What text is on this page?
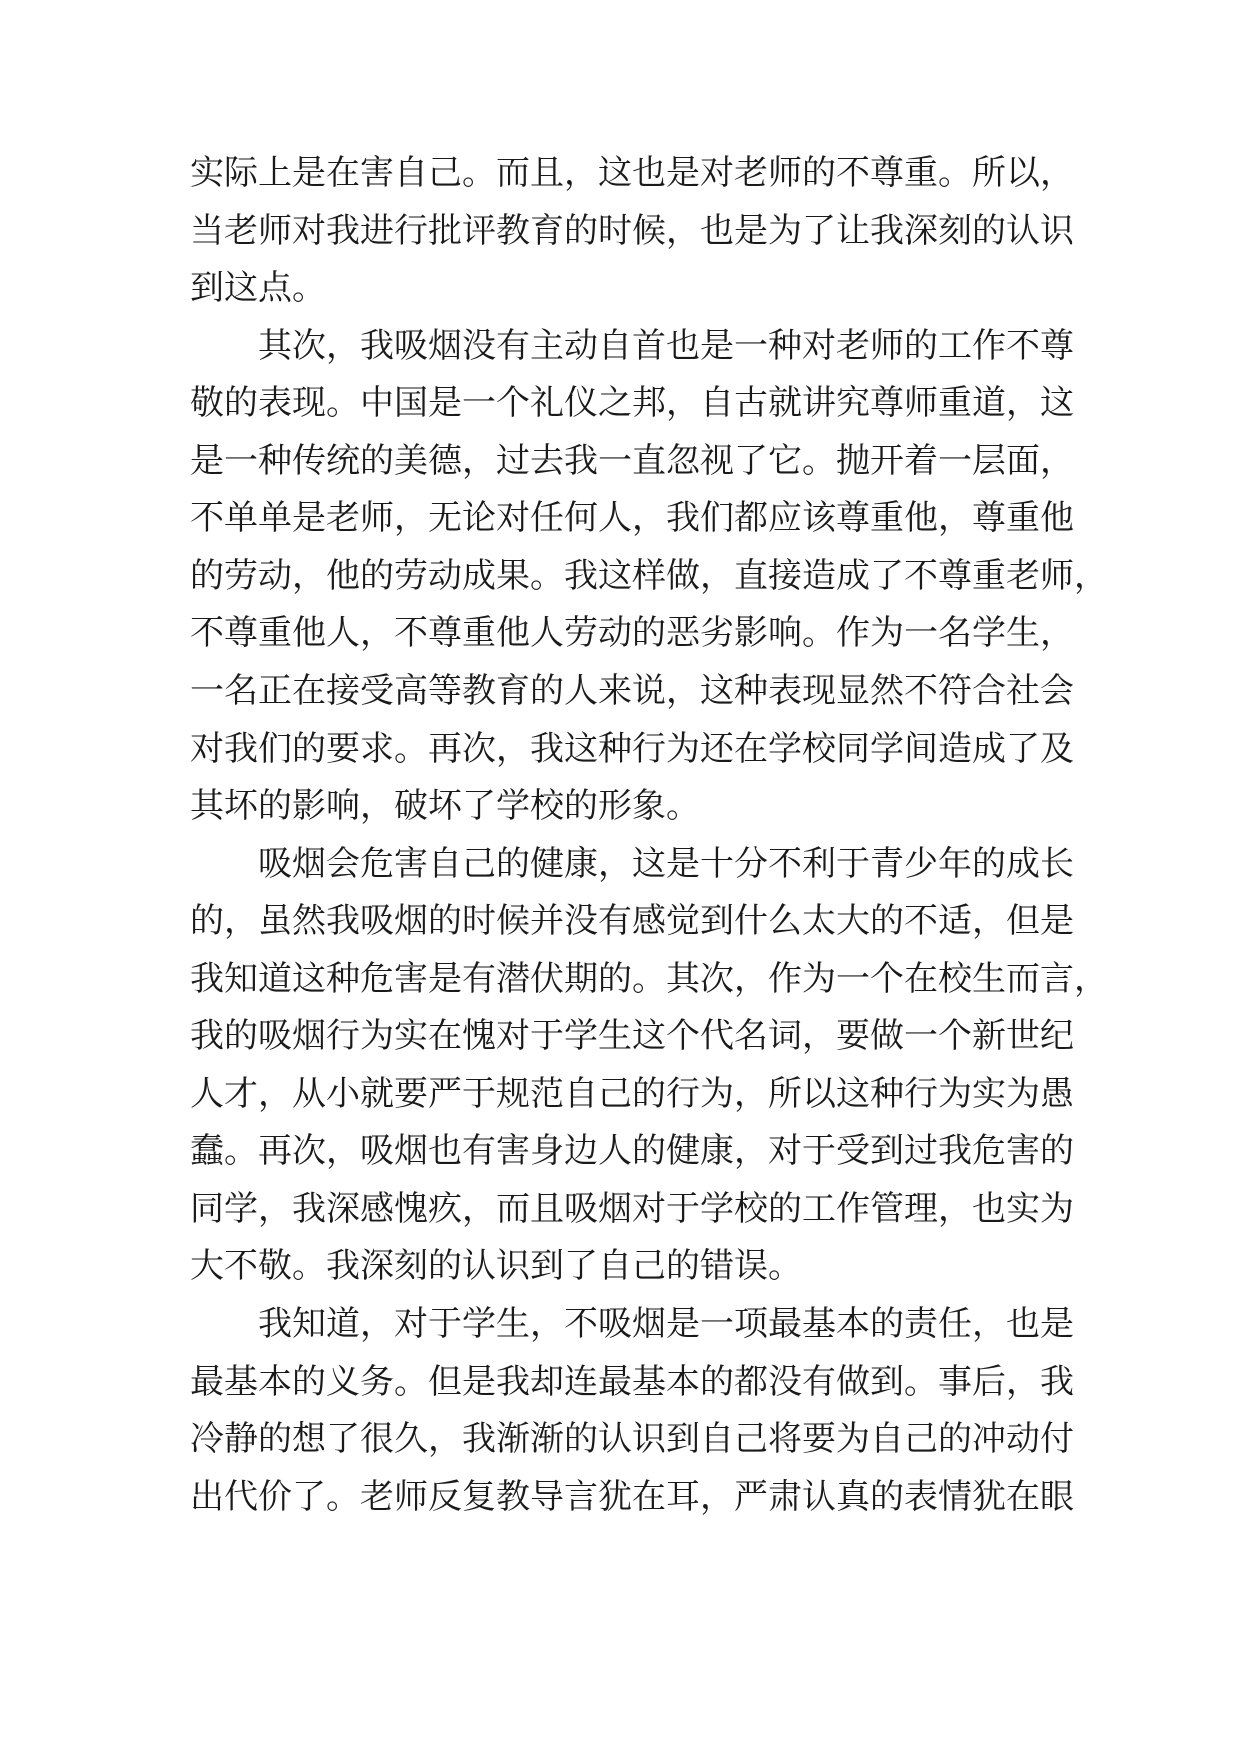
实际上是在害自己。而且，这也是对老师的不尊重。所以，
当老师对我进行批评教育的时候，也是为了让我深刻的认识
到这点。
其次，我吸烟没有主动自首也是一种对老师的工作不尊
敬的表现。中国是一个礼仪之邦，自古就讲究尊师重道，这
是一种传统的美德，过去我一直忽视了它。抛开着一层面，
不单单是老师，无论对任何人，我们都应该尊重他，尊重他
的劳动，他的劳动成果。我这样做，直接造成了不尊重老师，
不尊重他人，不尊重他人劳动的恶劣影响。作为一名学生，
一名正在接受高等教育的人来说，这种表现显然不符合社会
对我们的要求。再次，我这种行为还在学校同学间造成了及
其坏的影响，破坏了学校的形象。
吸烟会危害自己的健康，这是十分不利于青少年的成长
的，虽然我吸烟的时候并没有感觉到什么太大的不适，但是
我知道这种危害是有潜伏期的。其次，作为一个在校生而言，
我的吸烟行为实在愧对于学生这个代名词，要做一个新世纪
人才，从小就要严于规范自己的行为，所以这种行为实为愚
蠢。再次，吸烟也有害身边人的健康，对于受到过我危害的
同学，我深感愧疚，而且吸烟对于学校的工作管理，也实为
大不敬。我深刻的认识到了自己的错误。
我知道，对于学生，不吸烟是一项最基本的责任，也是
最基本的义务。但是我却连最基本的都没有做到。事后，我
冷静的想了很久，我渐渐的认识到自己将要为自己的冲动付
出代价了。老师反复教导言犹在耳，严肃认真的表情犹在眼
